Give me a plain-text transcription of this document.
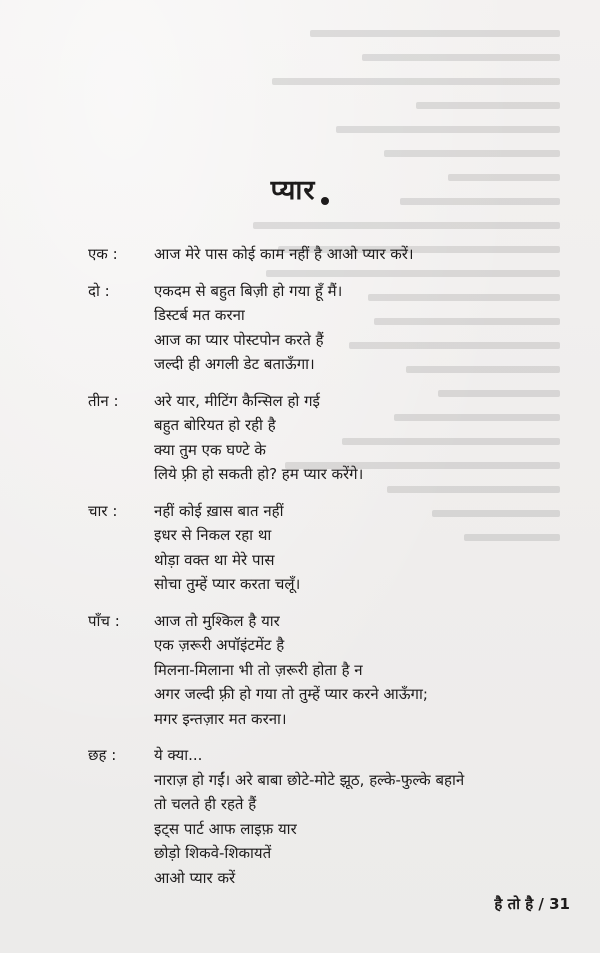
प्यार
एक :	आज मेरे पास कोई काम नहीं है आओ प्यार करें।
दो :	एकदम से बहुत बिज़ी हो गया हूँ मैं।
डिस्टर्ब मत करना
आज का प्यार पोस्टपोन करते हैं
जल्दी ही अगली डेट बताऊँगा।
तीन :	अरे यार, मीटिंग कैन्सिल हो गई
बहुत बोरियत हो रही है
क्या तुम एक घण्टे के
लिये फ़्री हो सकती हो? हम प्यार करेंगे।
चार :	नहीं कोई ख़ास बात नहीं
इधर से निकल रहा था
थोड़ा वक्त था मेरे पास
सोचा तुम्हें प्यार करता चलूँ।
पाँच :	आज तो मुश्किल है यार
एक ज़रूरी अपॉइंटमेंट है
मिलना-मिलाना भी तो ज़रूरी होता है न
अगर जल्दी फ़्री हो गया तो तुम्हें प्यार करने आऊँगा;
मगर इन्तज़ार मत करना।
छह :	ये क्या...
नाराज़ हो गईं। अरे बाबा छोटे-मोटे झूठ, हल्के-फुल्के बहाने
तो चलते ही रहते हैं
इट्स पार्ट आफ लाइफ़ यार
छोड़ो शिकवे-शिकायतें
आओ प्यार करें
है तो है / 31
